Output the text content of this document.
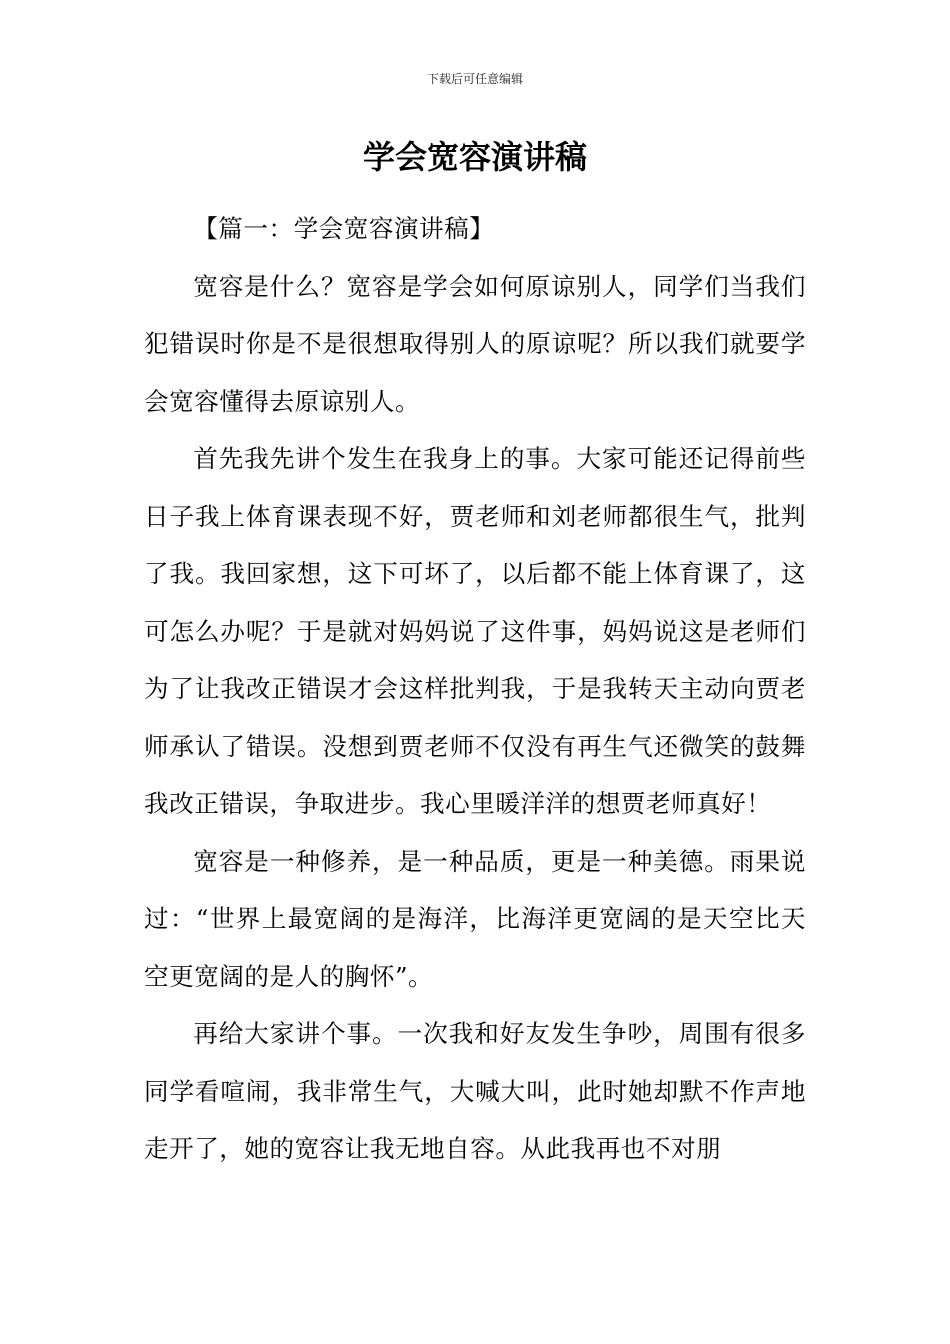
下载后可任意编辑
学会宽容演讲稿

【篇一：学会宽容演讲稿】

宽容是什么？宽容是学会如何原谅别人，同学们当我们犯错误时你是不是很想取得别人的原谅呢？所以我们就要学会宽容懂得去原谅别人。

首先我先讲个发生在我身上的事。大家可能还记得前些日子我上体育课表现不好，贾老师和刘老师都很生气，批判了我。我回家想，这下可坏了，以后都不能上体育课了，这可怎么办呢？于是就对妈妈说了这件事，妈妈说这是老师们为了让我改正错误才会这样批判我，于是我转天主动向贾老师承认了错误。没想到贾老师不仅没有再生气还微笑的鼓舞我改正错误，争取进步。我心里暖洋洋的想贾老师真好！

宽容是一种修养，是一种品质，更是一种美德。雨果说过：“世界上最宽阔的是海洋，比海洋更宽阔的是天空比天空更宽阔的是人的胸怀”。

再给大家讲个事。一次我和好友发生争吵，周围有很多同学看喧闹，我非常生气，大喊大叫，此时她却默不作声地走开了，她的宽容让我无地自容。从此我再也不对朋
